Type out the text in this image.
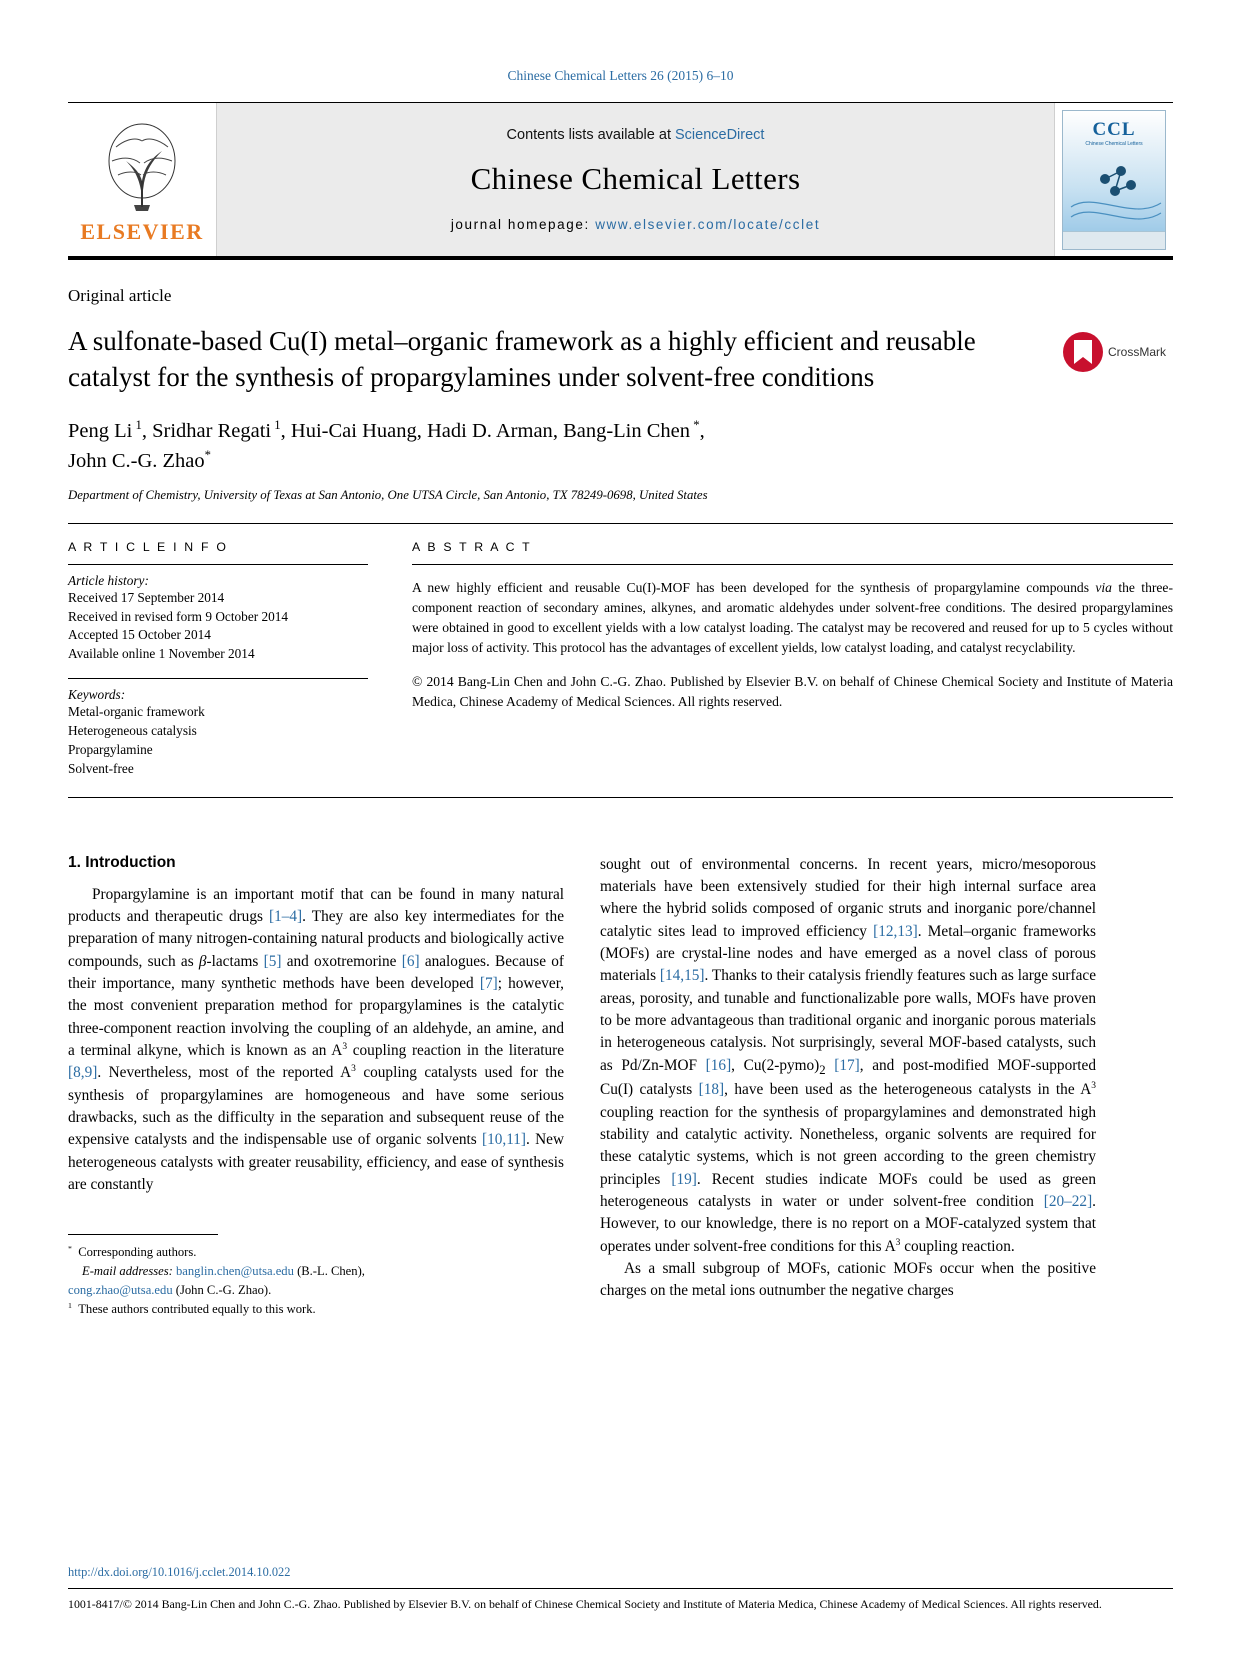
Chinese Chemical Letters 26 (2015) 6–10
ELSEVIER
Contents lists available at ScienceDirect
Chinese Chemical Letters
journal homepage: www.elsevier.com/locate/cclet
CCL
Chinese Chemical Letters
Original article
A sulfonate-based Cu(I) metal–organic framework as a highly efficient and reusable catalyst for the synthesis of propargylamines under solvent-free conditions
CrossMark
Peng Li $^1$, Sridhar Regati $^1$, Hui-Cai Huang, Hadi D. Arman, Bang-Lin Chen *,
John C.-G. Zhao*
Department of Chemistry, University of Texas at San Antonio, One UTSA Circle, San Antonio, TX 78249-0698, United States
A R T I C L E I N F O
Article history:
Received 17 September 2014
Received in revised form 9 October 2014
Accepted 15 October 2014
Available online 1 November 2014
Keywords:
Metal-organic framework
Heterogeneous catalysis
Propargylamine
Solvent-free
A B S T R A C T

A new highly efficient and reusable Cu(I)-MOF has been developed for the synthesis of propargylamine compounds via the three-component reaction of secondary amines, alkynes, and aromatic aldehydes under solvent-free conditions. The desired propargylamines were obtained in good to excellent yields with a low catalyst loading. The catalyst may be recovered and reused for up to 5 cycles without major loss of activity. This protocol has the advantages of excellent yields, low catalyst loading, and catalyst recyclability.

© 2014 Bang-Lin Chen and John C.-G. Zhao. Published by Elsevier B.V. on behalf of Chinese Chemical Society and Institute of Materia Medica, Chinese Academy of Medical Sciences. All rights reserved.

1. Introduction

Propargylamine is an important motif that can be found in many natural products and therapeutic drugs [1–4]. They are also key intermediates for the preparation of many nitrogen-containing natural products and biologically active compounds, such as β-lactams [5] and oxotremorine [6] analogues. Because of their importance, many synthetic methods have been developed [7]; however, the most convenient preparation method for propargylamines is the catalytic three-component reaction involving the coupling of an aldehyde, an amine, and a terminal alkyne, which is known as an $A^3$ coupling reaction in the literature [8,9]. Nevertheless, most of the reported $A^3$ coupling catalysts used for the synthesis of propargylamines are homogeneous and have some serious drawbacks, such as the difficulty in the separation and subsequent reuse of the expensive catalysts and the indispensable use of organic solvents [10,11]. New heterogeneous catalysts with greater reusability, efficiency, and ease of synthesis are constantly

* Corresponding authors.
E-mail addresses: banglin.chen@utsa.edu (B.-L. Chen),
cong.zhao@utsa.edu (John C.-G. Zhao).
$^1$ These authors contributed equally to this work.

sought out of environmental concerns. In recent years, micro/mesoporous materials have been extensively studied for their high internal surface area where the hybrid solids composed of organic struts and inorganic pore/channel catalytic sites lead to improved efficiency [12,13]. Metal–organic frameworks (MOFs) are crystal-line nodes and have emerged as a novel class of porous materials [14,15]. Thanks to their catalysis friendly features such as large surface areas, porosity, and tunable and functionalizable pore walls, MOFs have proven to be more advantageous than traditional organic and inorganic porous materials in heterogeneous catalysis. Not surprisingly, several MOF-based catalysts, such as Pd/Zn-MOF [16], $Cu(2-pymo)_2$ [17], and post-modified MOF-supported Cu(I) catalysts [18], have been used as the heterogeneous catalysts in the $A^3$ coupling reaction for the synthesis of propargylamines and demonstrated high stability and catalytic activity. Nonetheless, organic solvents are required for these catalytic systems, which is not green according to the green chemistry principles [19]. Recent studies indicate MOFs could be used as green heterogeneous catalysts in water or under solvent-free condition [20–22]. However, to our knowledge, there is no report on a MOF-catalyzed system that operates under solvent-free conditions for this $A^3$ coupling reaction.

As a small subgroup of MOFs, cationic MOFs occur when the positive charges on the metal ions outnumber the negative charges

http://dx.doi.org/10.1016/j.cclet.2014.10.022
1001-8417/© 2014 Bang-Lin Chen and John C.-G. Zhao. Published by Elsevier B.V. on behalf of Chinese Chemical Society and Institute of Materia Medica, Chinese Academy of Medical Sciences. All rights reserved.
